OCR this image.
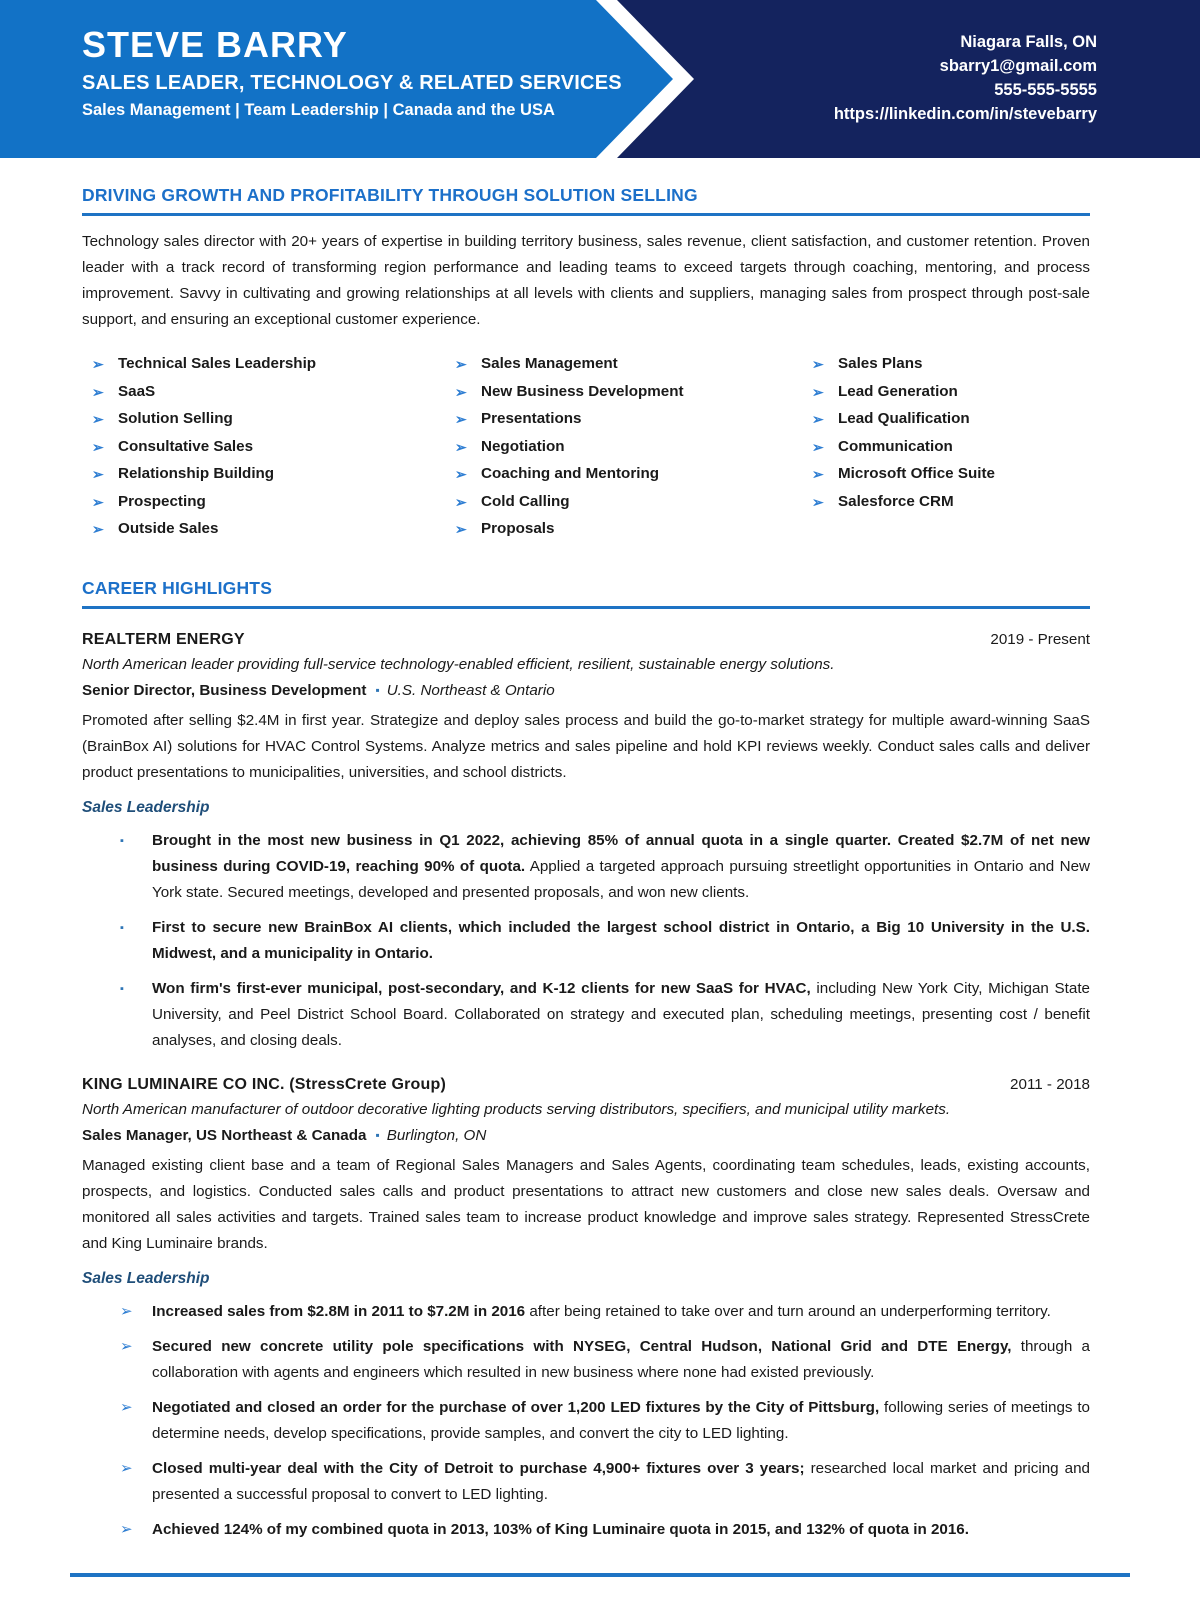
STEVE BARRY
SALES LEADER, TECHNOLOGY & RELATED SERVICES
Sales Management | Team Leadership | Canada and the USA
Niagara Falls, ON
sbarry1@gmail.com
555-555-5555
https://linkedin.com/in/stevebarry
DRIVING GROWTH AND PROFITABILITY THROUGH SOLUTION SELLING
Technology sales director with 20+ years of expertise in building territory business, sales revenue, client satisfaction, and customer retention. Proven leader with a track record of transforming region performance and leading teams to exceed targets through coaching, mentoring, and process improvement. Savvy in cultivating and growing relationships at all levels with clients and suppliers, managing sales from prospect through post-sale support, and ensuring an exceptional customer experience.
➢ Technical Sales Leadership
➢ SaaS
➢ Solution Selling
➢ Consultative Sales
➢ Relationship Building
➢ Prospecting
➢ Outside Sales
➢ Sales Management
➢ New Business Development
➢ Presentations
➢ Negotiation
➢ Coaching and Mentoring
➢ Cold Calling
➢ Proposals
➢ Sales Plans
➢ Lead Generation
➢ Lead Qualification
➢ Communication
➢ Microsoft Office Suite
➢ Salesforce CRM
CAREER HIGHLIGHTS
REALTERM ENERGY	2019 - Present
North American leader providing full-service technology-enabled efficient, resilient, sustainable energy solutions.
Senior Director, Business Development ▪ U.S. Northeast & Ontario
Promoted after selling $2.4M in first year. Strategize and deploy sales process and build the go-to-market strategy for multiple award-winning SaaS (BrainBox AI) solutions for HVAC Control Systems. Analyze metrics and sales pipeline and hold KPI reviews weekly. Conduct sales calls and deliver product presentations to municipalities, universities, and school districts.
Sales Leadership
▪	Brought in the most new business in Q1 2022, achieving 85% of annual quota in a single quarter. Created $2.7M of net new business during COVID-19, reaching 90% of quota. Applied a targeted approach pursuing streetlight opportunities in Ontario and New York state. Secured meetings, developed and presented proposals, and won new clients.
▪	First to secure new BrainBox AI clients, which included the largest school district in Ontario, a Big 10 University in the U.S. Midwest, and a municipality in Ontario.
▪	Won firm's first-ever municipal, post-secondary, and K-12 clients for new SaaS for HVAC, including New York City, Michigan State University, and Peel District School Board. Collaborated on strategy and executed plan, scheduling meetings, presenting cost / benefit analyses, and closing deals.
KING LUMINAIRE CO INC. (StressCrete Group)	2011 - 2018
North American manufacturer of outdoor decorative lighting products serving distributors, specifiers, and municipal utility markets.
Sales Manager, US Northeast & Canada ▪ Burlington, ON
Managed existing client base and a team of Regional Sales Managers and Sales Agents, coordinating team schedules, leads, existing accounts, prospects, and logistics. Conducted sales calls and product presentations to attract new customers and close new sales deals. Oversaw and monitored all sales activities and targets. Trained sales team to increase product knowledge and improve sales strategy. Represented StressCrete and King Luminaire brands.
Sales Leadership
➢	Increased sales from $2.8M in 2011 to $7.2M in 2016 after being retained to take over and turn around an underperforming territory.
➢	Secured new concrete utility pole specifications with NYSEG, Central Hudson, National Grid and DTE Energy, through a collaboration with agents and engineers which resulted in new business where none had existed previously.
➢	Negotiated and closed an order for the purchase of over 1,200 LED fixtures by the City of Pittsburg, following series of meetings to determine needs, develop specifications, provide samples, and convert the city to LED lighting.
➢	Closed multi-year deal with the City of Detroit to purchase 4,900+ fixtures over 3 years; researched local market and pricing and presented a successful proposal to convert to LED lighting.
➢	Achieved 124% of my combined quota in 2013, 103% of King Luminaire quota in 2015, and 132% of quota in 2016.
